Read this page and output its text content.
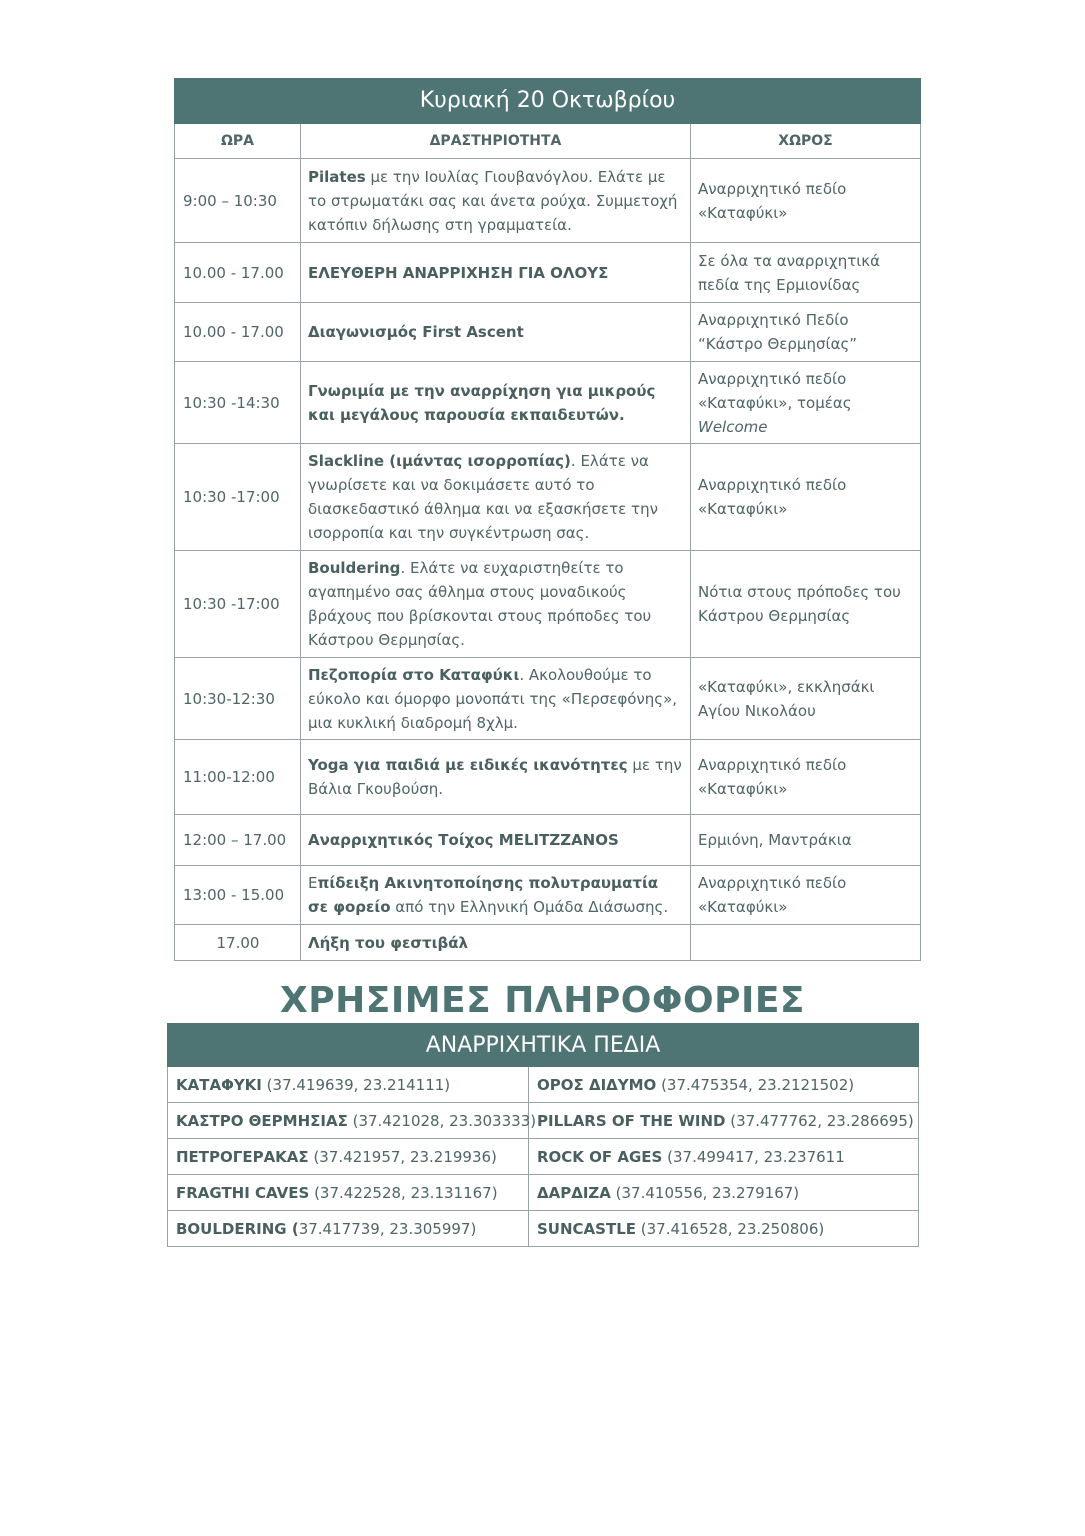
Κυριακή 20 Οκτωβρίου		
ΩΡΑ	ΔΡΑΣΤΗΡΙΟΤΗΤΑ	ΧΩΡΟΣ
9:00 – 10:30	Pilates με την Ιουλίας Γιουβανόγλου. Ελάτε με το στρωματάκι σας και άνετα ρούχα. Συμμετοχή κατόπιν δήλωσης στη γραμματεία.	Αναρριχητικό πεδίο «Καταφύκι»
10.00 - 17.00	ΕΛΕΥΘΕΡΗ ΑΝΑΡΡΙΧΗΣΗ ΓΙΑ ΟΛΟΥΣ	Σε όλα τα αναρριχητικά πεδία της Ερμιονίδας
10.00 - 17.00	Διαγωνισμός First Ascent	Αναρριχητικό Πεδίο “Κάστρο Θερμησίας”
10:30 -14:30	Γνωριμία με την αναρρίχηση για μικρούς και μεγάλους παρουσία εκπαιδευτών.	Αναρριχητικό πεδίο «Καταφύκι», τομέας
Welcome
10:30 -17:00	Slackline (ιμάντας ισορροπίας). Ελάτε να γνωρίσετε και να δοκιμάσετε αυτό το διασκεδαστικό άθλημα και να εξασκήσετε την ισορροπία και την συγκέντρωση σας.	Αναρριχητικό πεδίο «Καταφύκι»
10:30 -17:00	Bouldering. Ελάτε να ευχαριστηθείτε το αγαπημένο σας άθλημα στους μοναδικούς βράχους που βρίσκονται στους πρόποδες του Κάστρου Θερμησίας.	Νότια στους πρόποδες του Κάστρου Θερμησίας
10:30-12:30	Πεζοπορία στο Καταφύκι. Ακολουθούμε το εύκολο και όμορφο μονοπάτι της «Περσεφόνης», μια κυκλική διαδρομή 8χλμ.	«Καταφύκι», εκκλησάκι Αγίου Νικολάου
11:00-12:00	Yoga για παιδιά με ειδικές ικανότητες με την Βάλια Γκουβούση.	Αναρριχητικό πεδίο «Καταφύκι»
12:00 – 17.00	Αναρριχητικός Τοίχος MELITZZANOS	Ερμιόνη, Μαντράκια
13:00 - 15.00	Επίδειξη Ακινητοποίησης πολυτραυματία σε φορείο από την Ελληνική Ομάδα Διάσωσης.	Αναρριχητικό πεδίο «Καταφύκι»
17.00	Λήξη του φεστιβάλ	
ΧΡΗΣΙΜΕΣ ΠΛΗΡΟΦΟΡΙΕΣ
ΑΝΑΡΡΙΧΗΤΙΚΑ ΠΕΔΙΑ	
ΚΑΤΑΦΥΚΙ (37.419639, 23.214111)	ΟΡΟΣ ΔΙΔΥΜΟ (37.475354, 23.2121502)
ΚΑΣΤΡΟ ΘΕΡΜΗΣΙΑΣ (37.421028, 23.303333)	PILLARS OF THE WIND (37.477762, 23.286695)
ΠΕΤΡΟΓΕΡΑΚΑΣ (37.421957, 23.219936)	ROCK OF AGES (37.499417, 23.237611
FRAGTHI CAVES (37.422528, 23.131167)	ΔΑΡΔΙΖΑ (37.410556, 23.279167)
BOULDERING (37.417739, 23.305997)	SUNCASTLE (37.416528, 23.250806)
